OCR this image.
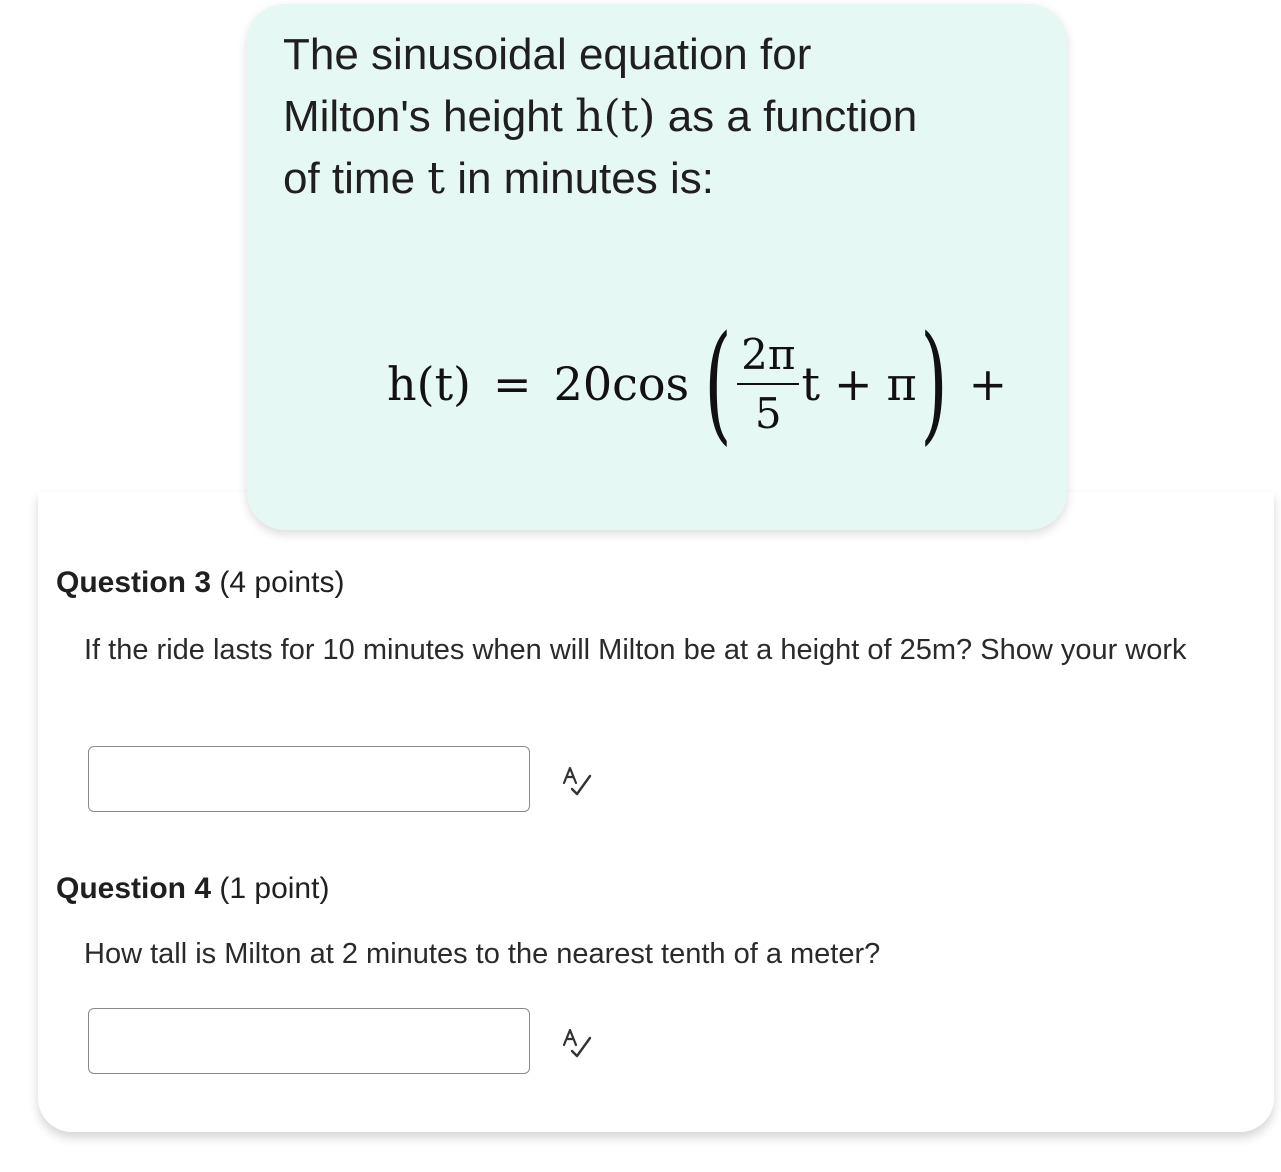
The sinusoidal equation for
Milton's height h(t) as a function
of time t in minutes is:
h(t) = 20cos ( $\frac{2\pi}{5}$ t + π ) +
Question 3 (4 points)
If the ride lasts for 10 minutes when will Milton be at a height of 25m? Show your work
Question 4 (1 point)
How tall is Milton at 2 minutes to the nearest tenth of a meter?
